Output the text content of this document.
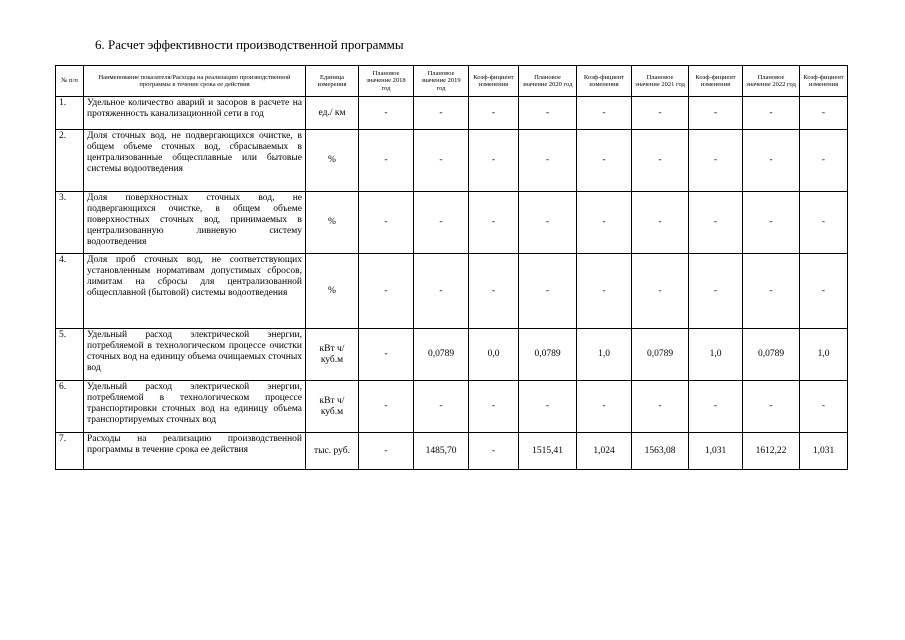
6. Расчет эффективности производственной программы
№ п/п	Наименование показателя/Расходы на реализацию производственной программы в течение срока ее действия	Единица измерения	Плановое значение 2018 год	Плановое значение 2019 год	Коэф-фициент изменения	Плановое значение 2020 год	Коэф-фициент изменения	Плановое значение 2021 год	Коэф-фициент изменения	Плановое значение 2022 год	Коэф-фициент изменения
1.	Удельное количество аварий и засоров в расчете на протяженность канализационной сети в год	ед./ км	-	-	-	-	-	-	-	-	-
2.	Доля сточных вод, не подвергающихся очистке, в общем объеме сточных вод, сбрасываемых в централизованные общесплавные или бытовые системы водоотведения	%	-	-	-	-	-	-	-	-	-
3.	Доля поверхностных сточных вод, не подвергающихся очистке, в общем объеме поверхностных сточных вод, принимаемых в централизованную ливневую систему водоотведения	%	-	-	-	-	-	-	-	-	-
4.	Доля проб сточных вод, не соответствующих установленным нормативам допустимых сбросов, лимитам на сбросы для централизованной общесплавной (бытовой) системы водоотведения	%	-	-	-	-	-	-	-	-	-
5.	Удельный расход электрической энергии, потребляемой в технологическом процессе очистки сточных вод на единицу объема очищаемых сточных вод	кВт ч/куб.м	-	0,0789	0,0	0,0789	1,0	0,0789	1,0	0,0789	1,0
6.	Удельный расход электрической энергии, потребляемой в технологическом процессе транспортировки сточных вод на единицу объема транспортируемых сточных вод	кВт ч/куб.м	-	-	-	-	-	-	-	-	-
7.	Расходы на реализацию производственной программы в течение срока ее действия	тыс. руб.	-	1485,70	-	1515,41	1,024	1563,08	1,031	1612,22	1,031
